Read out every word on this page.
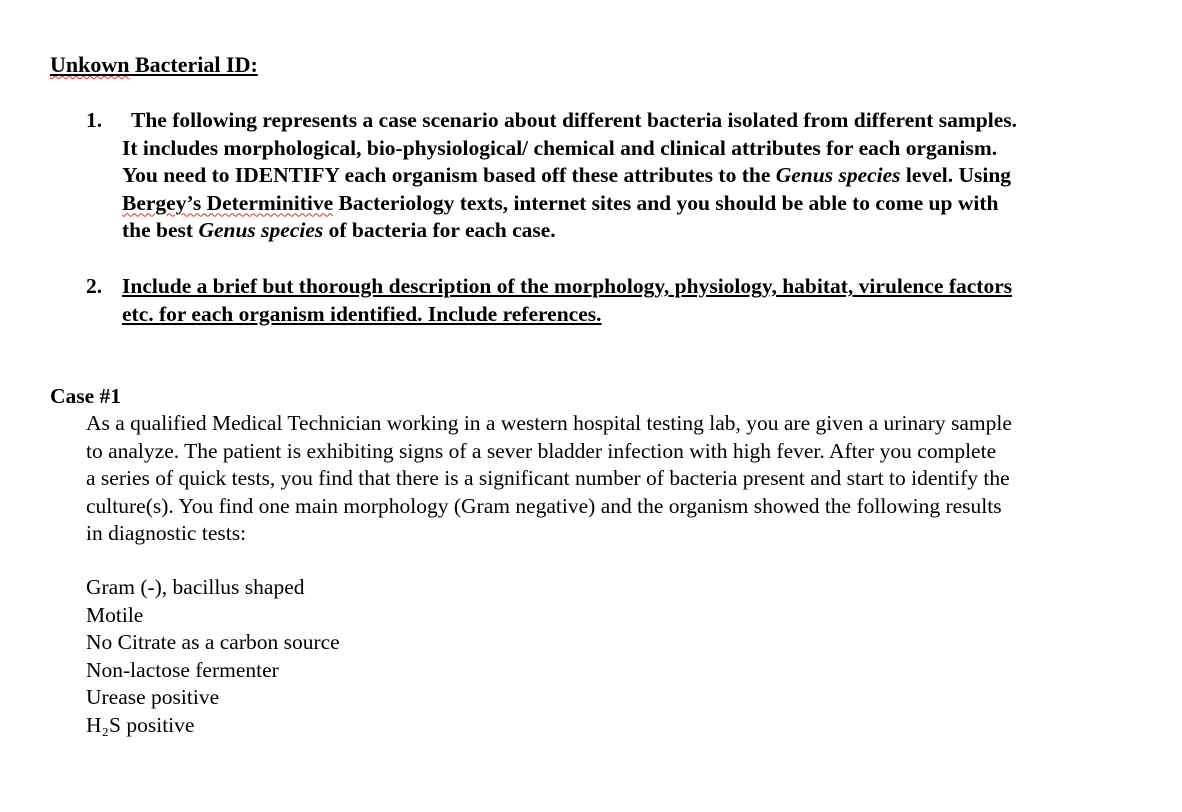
Unkown Bacterial ID:
1. The following represents a case scenario about different bacteria isolated from different samples.
It includes morphological, bio-physiological/ chemical and clinical attributes for each organism.
You need to IDENTIFY each organism based off these attributes to the Genus species level. Using
Bergey’s Determinitive Bacteriology texts, internet sites and you should be able to come up with
the best Genus species of bacteria for each case.
2. Include a brief but thorough description of the morphology, physiology, habitat, virulence factors
etc. for each organism identified. Include references.
Case #1
As a qualified Medical Technician working in a western hospital testing lab, you are given a urinary sample
to analyze. The patient is exhibiting signs of a sever bladder infection with high fever. After you complete
a series of quick tests, you find that there is a significant number of bacteria present and start to identify the
culture(s). You find one main morphology (Gram negative) and the organism showed the following results
in diagnostic tests:
Gram (-), bacillus shaped
Motile
No Citrate as a carbon source
Non-lactose fermenter
Urease positive
H₂S positive
